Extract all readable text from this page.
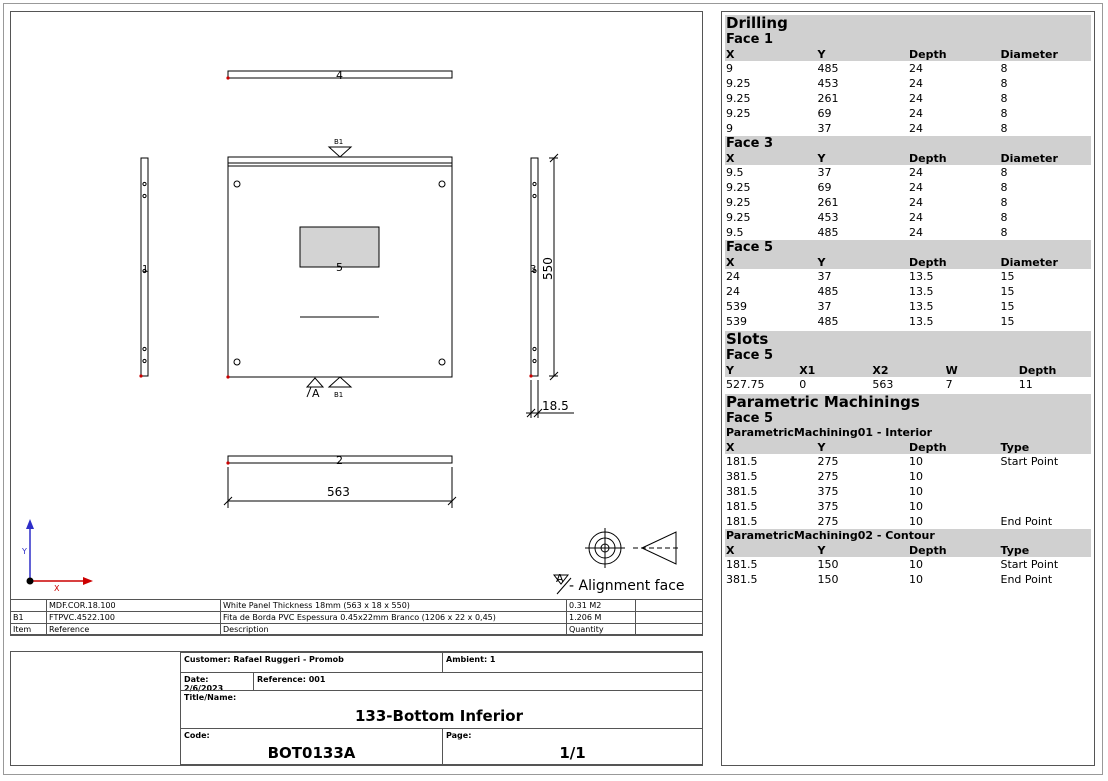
4
5
1	3
2
B1
B1
A
550
563
18.5
Y
X
A - Alignment face
	MDF.COR.18.100	White Panel Thickness 18mm (563 x 18 x 550)	0.31 M2	
B1	FTPVC.4522.100	Fita de Borda PVC Espessura 0.45x22mm Branco (1206 x 22 x 0,45)	1.206 M	
Item	Reference	Description	Quantity	
Customer: Rafael Ruggeri - Promob	Ambient: 1
Date: 2/6/2023
Reference: 001
Title/Name:
133-Bottom Inferior
Code:
BOT0133A
Page:
1/1
Drilling
Face 1
X	Y	Depth	Diameter
9	485	24	8
9.25	453	24	8
9.25	261	24	8
9.25	69	24	8
9	37	24	8
Face 3
X	Y	Depth	Diameter
9.5	37	24	8
9.25	69	24	8
9.25	261	24	8
9.25	453	24	8
9.5	485	24	8
Face 5
X	Y	Depth	Diameter
24	37	13.5	15
24	485	13.5	15
539	37	13.5	15
539	485	13.5	15
Slots
Face 5
Y	X1	X2	W	Depth
527.75	0	563	7	11
Parametric Machinings
Face 5
ParametricMachining01 - Interior
X	Y	Depth	Type
181.5	275	10	Start Point
381.5	275	10	
381.5	375	10	
181.5	375	10	
181.5	275	10	End Point
ParametricMachining02 - Contour
X	Y	Depth	Type
181.5	150	10	Start Point
381.5	150	10	End Point
